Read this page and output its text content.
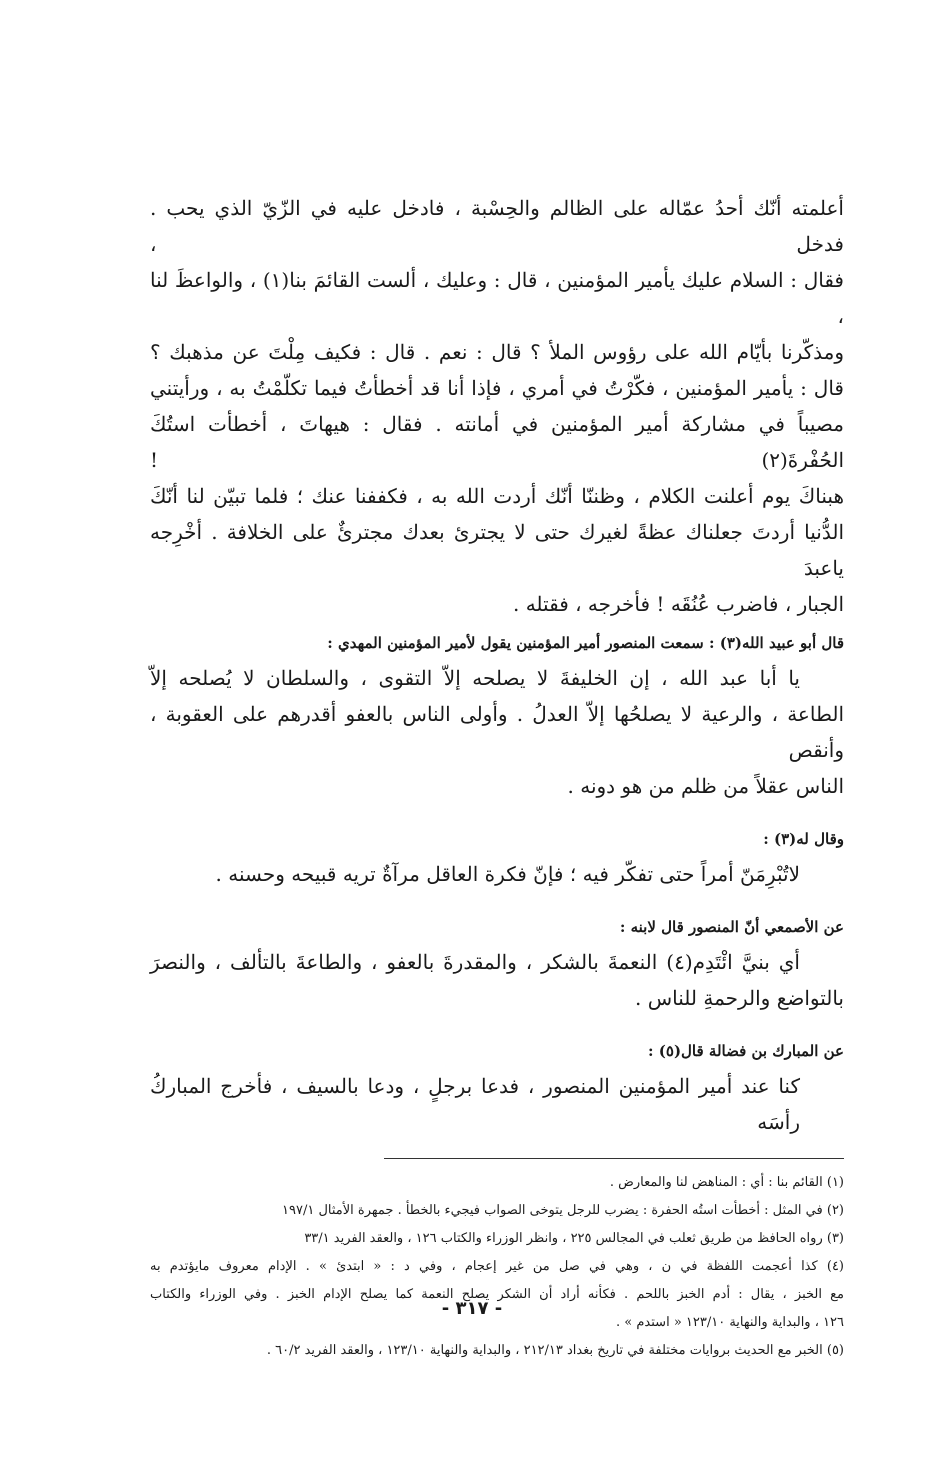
أعلمته أنّك أحدُ عمّاله على الظالم والحِسْبة ، فادخل عليه في الزّيّ الذي يحب . فدخل ،

فقال : السلام عليك يأمير المؤمنين ، قال : وعليك ، ألست القائمَ بنا(١) ، والواعظَ لنا ،

ومذكّرنا بأيّام الله على رؤوس الملأ ؟ قال : نعم . قال : فكيف مِلْتَ عن مذهبك ؟

قال : يأمير المؤمنين ، فكّرْتُ في أمري ، فإذا أنا قد أخطأتُ فيما تكلّمْتُ به ، ورأيتني

مصيباً في مشاركة أمير المؤمنين في أمانته . فقال : هيهاتَ ، أخطأت استُكَ الحُفْرةَ(٢) !

هبناكَ يوم أعلنت الكلام ، وظننّا أنّك أردت الله به ، فكففنا عنك ؛ فلما تبيّن لنا أنّكَ

الدُّنيا أردتَ جعلناك عظةً لغيرك حتى لا يجترئ بعدك مجترئٌ على الخلافة . أخْرِجه ياعبدَ

الجبار ، فاضرب عُنُقَه ! فأخرجه ، فقتله .

قال أبو عبيد الله(٣) : سمعت المنصور أمير المؤمنين يقول لأمير المؤمنين المهدي :

يا أبا عبد الله ، إن الخليفةَ لا يصلحه إلاّ التقوى ، والسلطان لا يُصلحه إلاّ

الطاعة ، والرعية لا يصلحُها إلاّ العدلُ . وأولى الناس بالعفو أقدرهم على العقوبة ، وأنقص

الناس عقلاً من ظلم من هو دونه .

وقال له(٣) :

لاتُبْرِمَنّ أمراً حتى تفكّر فيه ؛ فإنّ فكرة العاقل مرآةٌ تريه قبيحه وحسنه .

عن الأصمعي أنّ المنصور قال لابنه :

أي بنيَّ ائْتَدِم(٤) النعمةَ بالشكر ، والمقدرةَ بالعفو ، والطاعةَ بالتألف ، والنصرَ

بالتواضع والرحمةِ للناس .

عن المبارك بن فضالة قال(٥) :

كنا عند أمير المؤمنين المنصور ، فدعا برجلٍ ، ودعا بالسيف ، فأخرج المباركُ رأسَه

(١) القائم بنا : أي : المناهض لنا والمعارض .

(٢) في المثل : أخطأت استُه الحفرة : يضرب للرجل يتوخى الصواب فيجيء بالخطأ . جمهرة الأمثال ١٩٧/١

(٣) رواه الحافظ من طريق ثعلب في المجالس ٢٢٥ ، وانظر الوزراء والكتاب ١٢٦ ، والعقد الفريد ٣٣/١

(٤) كذا أعجمت اللفظة في ن ، وهي في صل من غير إعجام ، وفي د : « ابتدئ » . الإدام معروف مايؤتدم به

مع الخبز ، يقال : أدم الخبز باللحم . فكأنه أراد أن الشكر يصلح النعمة كما يصلح الإدام الخبز . وفي الوزراء والكتاب

١٢٦ ، والبداية والنهاية ١٢٣/١٠ « استدم » .

(٥) الخبر مع الحديث بروايات مختلفة في تاريخ بغداد ٢١٢/١٣ ، والبداية والنهاية ١٢٣/١٠ ، والعقد الفريد ٦٠/٢ .

- ٣١٧ -
